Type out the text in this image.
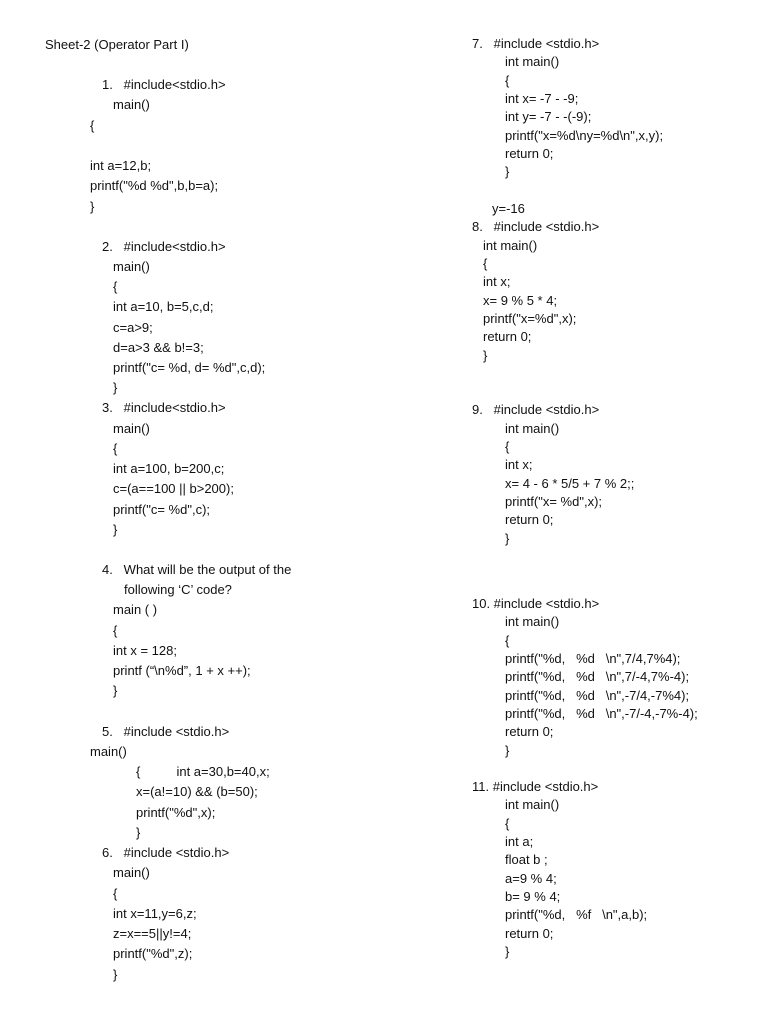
Sheet-2 (Operator Part I)
1.   #include<stdio.h>
main()
{
int a=12,b;
printf("%d %d",b,b=a);
}
2.   #include<stdio.h>
main()
{
int a=10, b=5,c,d;
c=a>9;
d=a>3 && b!=3;
printf("c= %d, d= %d",c,d);
}
3.   #include<stdio.h>
main()
{
int a=100, b=200,c;
c=(a==100 || b>200);
printf("c= %d",c);
}
4.   What will be the output of the
following ‘C’ code?
main ( )
{
int x = 128;
printf (“\n%d”, 1 + x ++);
}
5.   #include <stdio.h>
main()
{          int a=30,b=40,x;
x=(a!=10) && (b=50);
printf("%d",x);
}
6.   #include <stdio.h>
main()
{
int x=11,y=6,z;
z=x==5||y!=4;
printf("%d",z);
}
7.   #include <stdio.h>
int main()
{
int x= -7 - -9;
int y= -7 - -(-9);
printf("x=%d\ny=%d\n",x,y);
return 0;
}
y=-16
8.   #include <stdio.h>
int main()
{
int x;
x= 9 % 5 * 4;
printf("x=%d",x);
return 0;
}
9.   #include <stdio.h>
int main()
{
int x;
x= 4 - 6 * 5/5 + 7 % 2;;
printf("x= %d",x);
return 0;
}
10. #include <stdio.h>
int main()
{
printf("%d,   %d   \n",7/4,7%4);
printf("%d,   %d   \n",7/-4,7%-4);
printf("%d,   %d   \n",-7/4,-7%4);
printf("%d,   %d   \n",-7/-4,-7%-4);
return 0;
}
11. #include <stdio.h>
int main()
{
int a;
float b ;
a=9 % 4;
b= 9 % 4;
printf("%d,   %f   \n",a,b);
return 0;
}
